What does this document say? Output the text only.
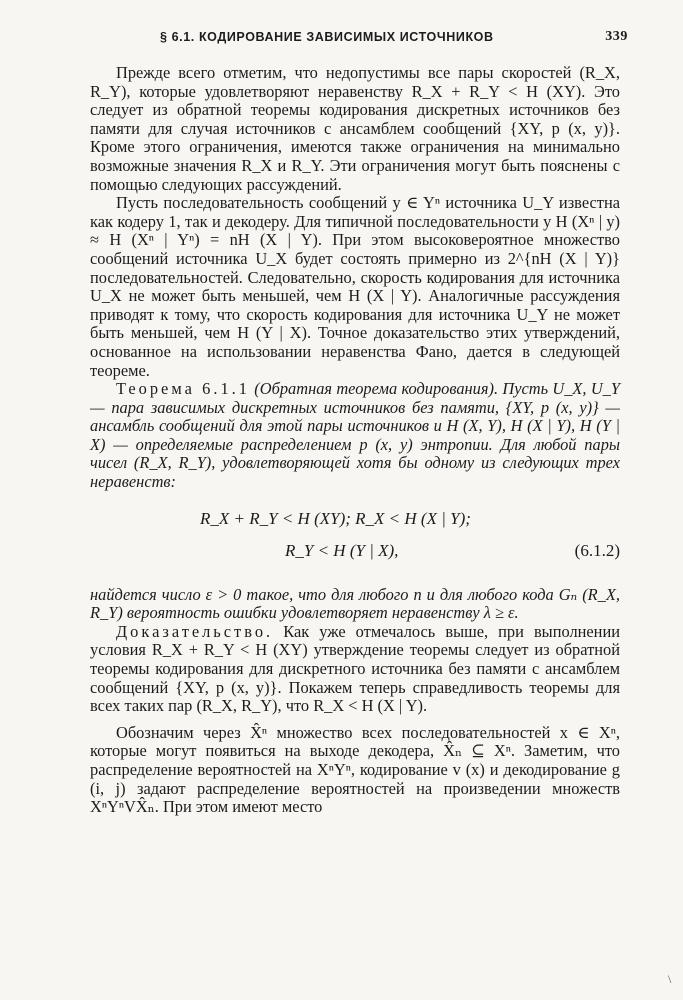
§ 6.1. КОДИРОВАНИЕ ЗАВИСИМЫХ ИСТОЧНИКОВ	339

Прежде всего отметим, что недопустимы все пары скоростей (R_X, R_Y), которые удовлетворяют неравенству R_X + R_Y < H (XY). Это следует из обратной теоремы кодирования дискретных источников без памяти для случая источников с ансамблем сообщений {XY, p (x, y)}. Кроме этого ограничения, имеются также ограничения на минимально возможные значения R_X и R_Y. Эти ограничения могут быть пояснены с помощью следующих рассуждений.

Пусть последовательность сообщений y ∈ Yⁿ источника U_Y известна как кодеру 1, так и декодеру. Для типичной последовательности y H (Xⁿ | y) ≈ H (Xⁿ | Yⁿ) = nH (X | Y). При этом высоковероятное множество сообщений источника U_X будет состоять примерно из 2^{nH (X | Y)} последовательностей. Следовательно, скорость кодирования для источника U_X не может быть меньшей, чем H (X | Y). Аналогичные рассуждения приводят к тому, что скорость кодирования для источника U_Y не может быть меньшей, чем H (Y | X). Точное доказательство этих утверждений, основанное на использовании неравенства Фано, дается в следующей теореме.

Теорема 6.1.1 (Обратная теорема кодирования). Пусть U_X, U_Y — пара зависимых дискретных источников без памяти, {XY, p (x, y)} — ансамбль сообщений для этой пары источников и H (X, Y), H (X | Y), H (Y | X) — определяемые распределением p (x, y) энтропии. Для любой пары чисел (R_X, R_Y), удовлетворяющей хотя бы одному из следующих трех неравенств:

R_X + R_Y < H (XY); R_X < H (X | Y);
R_Y < H (Y | X),	(6.1.2)

найдется число ε > 0 такое, что для любого n и для любого кода Gₙ (R_X, R_Y) вероятность ошибки удовлетворяет неравенству λ ≥ ε.

Доказательство. Как уже отмечалось выше, при выполнении условия R_X + R_Y < H (XY) утверждение теоремы следует из обратной теоремы кодирования для дискретного источника без памяти с ансамблем сообщений {XY, p (x, y)}. Покажем теперь справедливость теоремы для всех таких пар (R_X, R_Y), что R_X < H (X | Y).

Обозначим через X̂ⁿ множество всех последовательностей x ∈ Xⁿ, которые могут появиться на выходе декодера, X̂ₙ ⊆ Xⁿ. Заметим, что распределение вероятностей на XⁿYⁿ, кодирование v (x) и декодирование g (i, j) задают распределение вероятностей на произведении множеств XⁿYⁿVX̂ₙ. При этом имеют место

\
